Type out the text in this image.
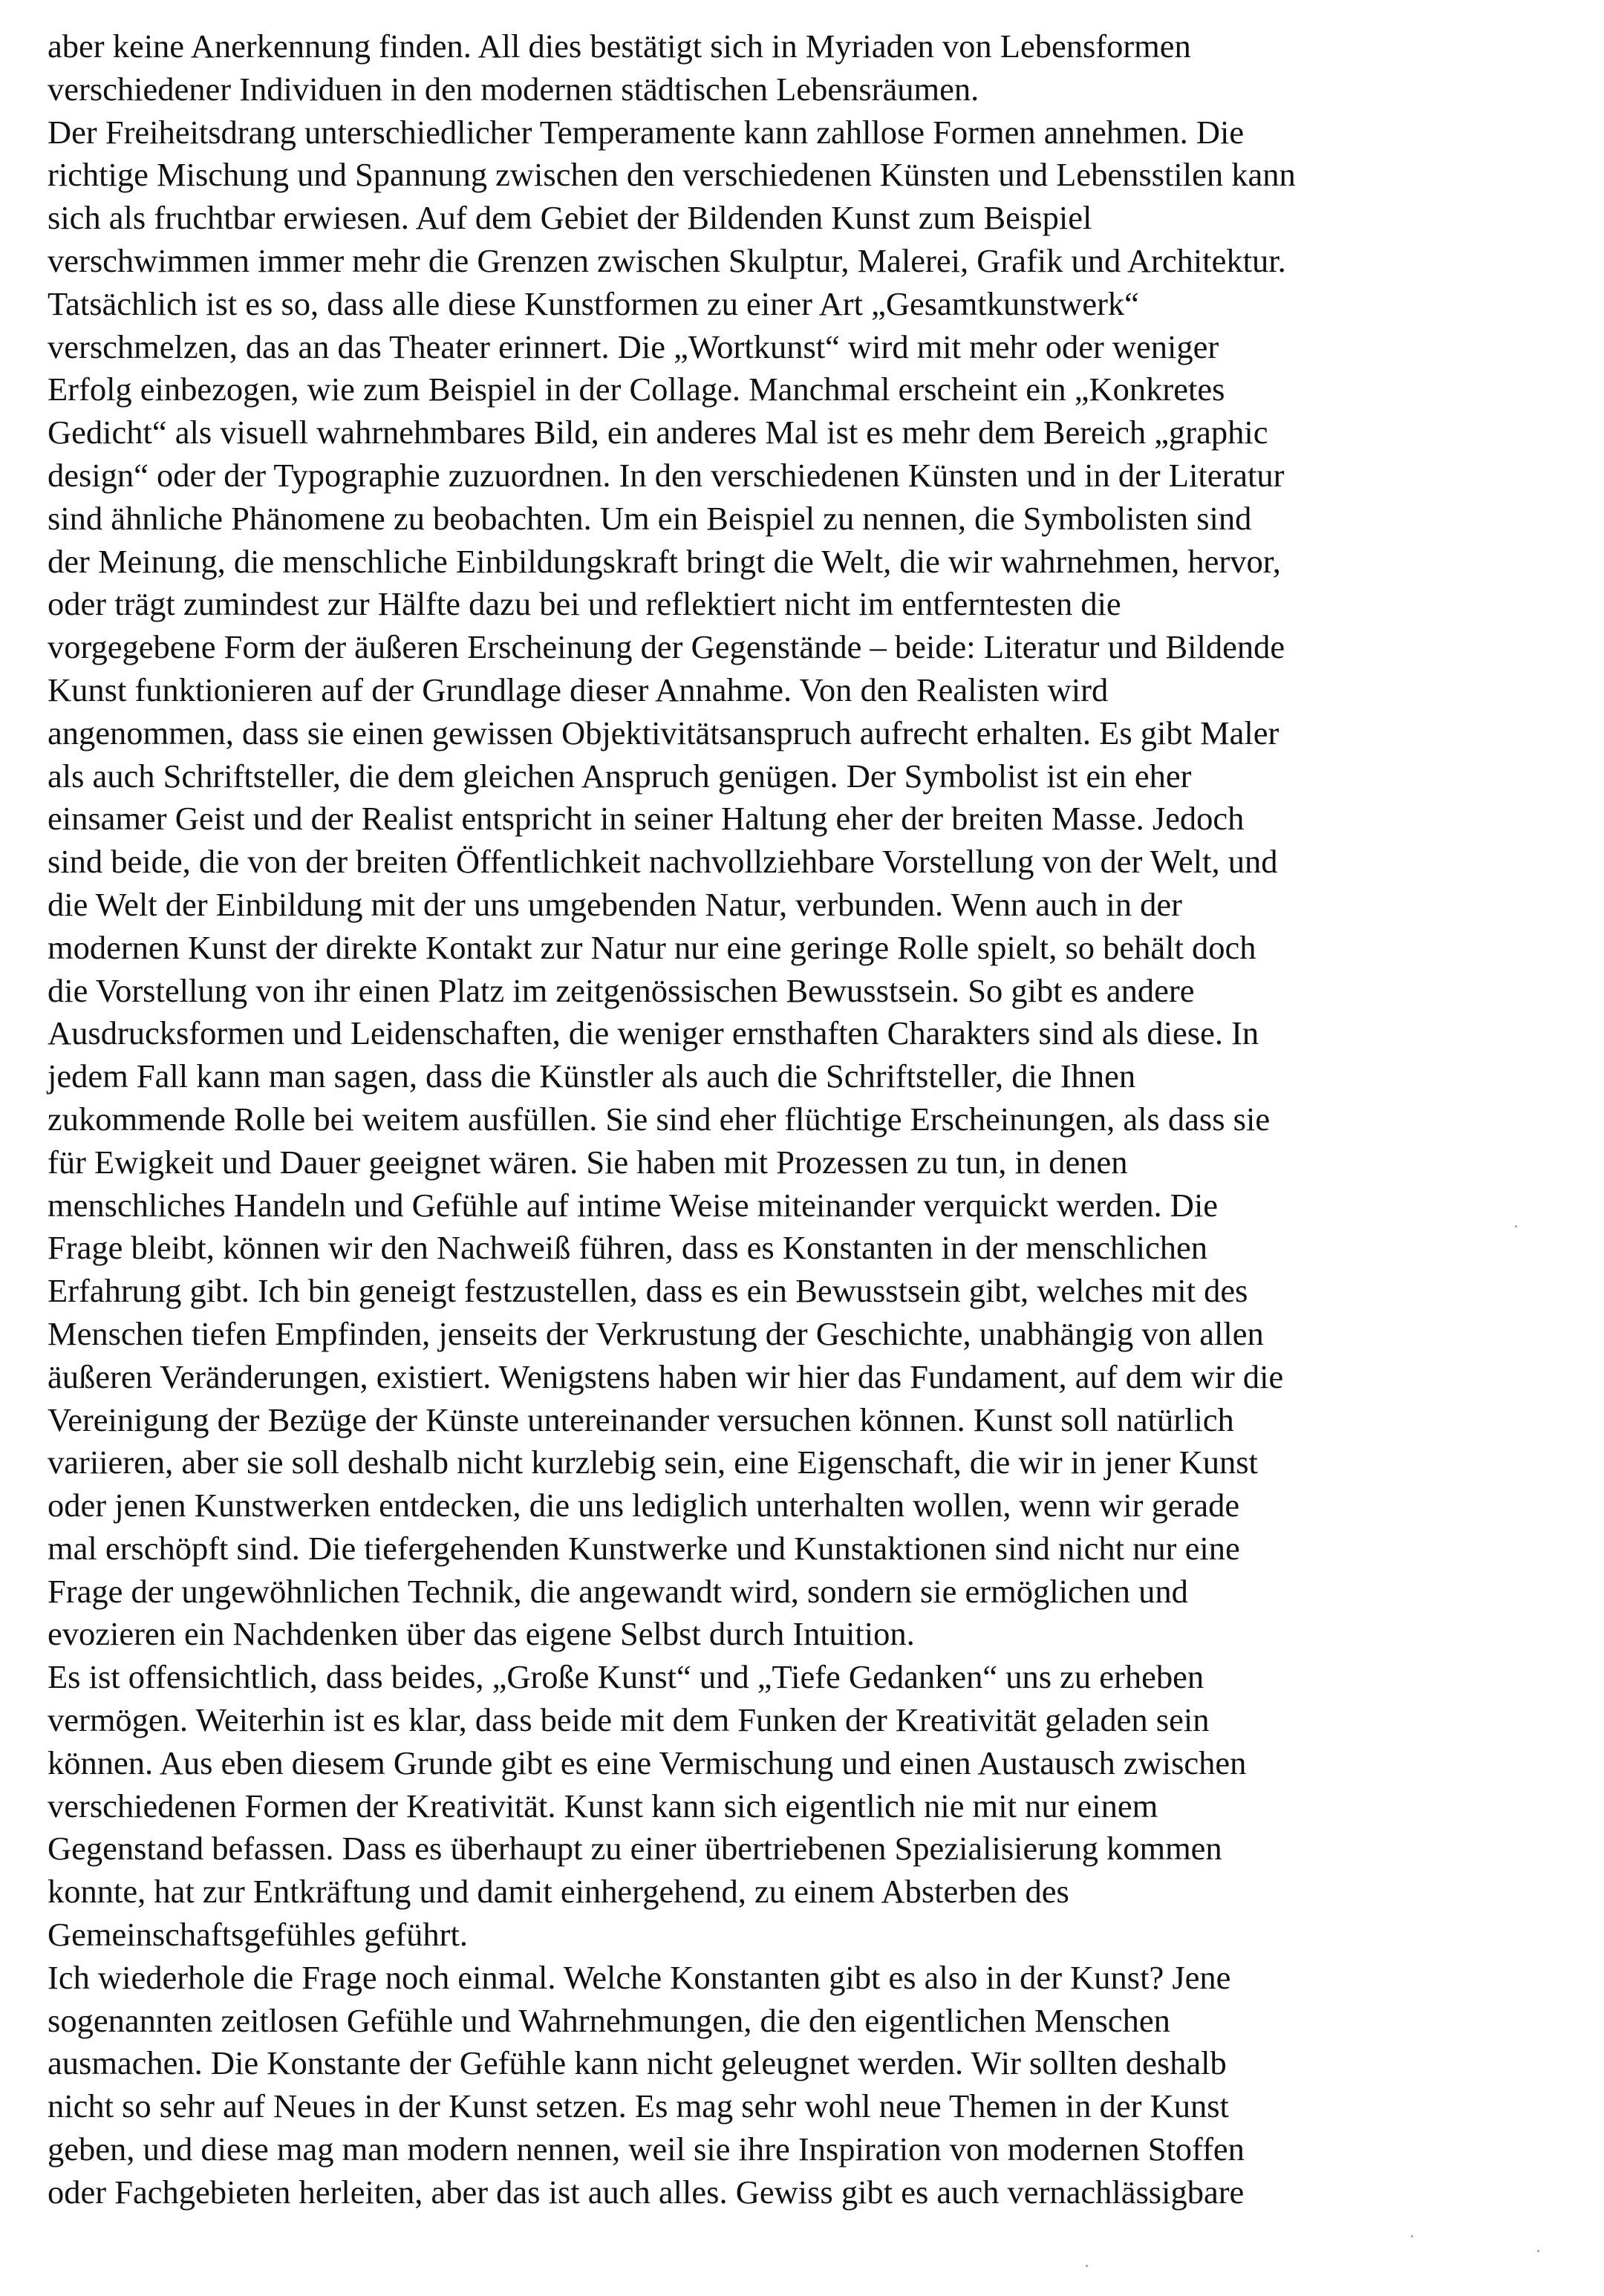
aber keine Anerkennung finden. All dies bestätigt sich in Myriaden von Lebensformen
verschiedener Individuen in den modernen städtischen Lebensräumen.
Der Freiheitsdrang unterschiedlicher Temperamente kann zahllose Formen annehmen. Die
richtige Mischung und Spannung zwischen den verschiedenen Künsten und Lebensstilen kann
sich als fruchtbar erwiesen. Auf dem Gebiet der Bildenden Kunst zum Beispiel
verschwimmen immer mehr die Grenzen zwischen Skulptur, Malerei, Grafik und Architektur.
Tatsächlich ist es so, dass alle diese Kunstformen zu einer Art „Gesamtkunstwerk“
verschmelzen, das an das Theater erinnert. Die „Wortkunst“ wird mit mehr oder weniger
Erfolg einbezogen, wie zum Beispiel in der Collage. Manchmal erscheint ein „Konkretes
Gedicht“ als visuell wahrnehmbares Bild, ein anderes Mal ist es mehr dem Bereich „graphic
design“ oder der Typographie zuzuordnen. In den verschiedenen Künsten und in der Literatur
sind ähnliche Phänomene zu beobachten. Um ein Beispiel zu nennen, die Symbolisten sind
der Meinung, die menschliche Einbildungskraft bringt die Welt, die wir wahrnehmen, hervor,
oder trägt zumindest zur Hälfte dazu bei und reflektiert nicht im entferntesten die
vorgegebene Form der äußeren Erscheinung der Gegenstände – beide: Literatur und Bildende
Kunst funktionieren auf der Grundlage dieser Annahme. Von den Realisten wird
angenommen, dass sie einen gewissen Objektivitätsanspruch aufrecht erhalten. Es gibt Maler
als auch Schriftsteller, die dem gleichen Anspruch genügen. Der Symbolist ist ein eher
einsamer Geist und der Realist entspricht in seiner Haltung eher der breiten Masse. Jedoch
sind beide, die von der breiten Öffentlichkeit nachvollziehbare Vorstellung von der Welt, und
die Welt der Einbildung mit der uns umgebenden Natur, verbunden. Wenn auch in der
modernen Kunst der direkte Kontakt zur Natur nur eine geringe Rolle spielt, so behält doch
die Vorstellung von ihr einen Platz im zeitgenössischen Bewusstsein. So gibt es andere
Ausdrucksformen und Leidenschaften, die weniger ernsthaften Charakters sind als diese. In
jedem Fall kann man sagen, dass die Künstler als auch die Schriftsteller, die Ihnen
zukommende Rolle bei weitem ausfüllen. Sie sind eher flüchtige Erscheinungen, als dass sie
für Ewigkeit und Dauer geeignet wären. Sie haben mit Prozessen zu tun, in denen
menschliches Handeln und Gefühle auf intime Weise miteinander verquickt werden. Die
Frage bleibt, können wir den Nachweiß führen, dass es Konstanten in der menschlichen
Erfahrung gibt. Ich bin geneigt festzustellen, dass es ein Bewusstsein gibt, welches mit des
Menschen tiefen Empfinden, jenseits der Verkrustung der Geschichte, unabhängig von allen
äußeren Veränderungen, existiert. Wenigstens haben wir hier das Fundament, auf dem wir die
Vereinigung der Bezüge der Künste untereinander versuchen können. Kunst soll natürlich
variieren, aber sie soll deshalb nicht kurzlebig sein, eine Eigenschaft, die wir in jener Kunst
oder jenen Kunstwerken entdecken, die uns lediglich unterhalten wollen, wenn wir gerade
mal erschöpft sind. Die tiefergehenden Kunstwerke und Kunstaktionen sind nicht nur eine
Frage der ungewöhnlichen Technik, die angewandt wird, sondern sie ermöglichen und
evozieren ein Nachdenken über das eigene Selbst durch Intuition.
Es ist offensichtlich, dass beides, „Große Kunst“ und „Tiefe Gedanken“ uns zu erheben
vermögen. Weiterhin ist es klar, dass beide mit dem Funken der Kreativität geladen sein
können. Aus eben diesem Grunde gibt es eine Vermischung und einen Austausch zwischen
verschiedenen Formen der Kreativität. Kunst kann sich eigentlich nie mit nur einem
Gegenstand befassen. Dass es überhaupt zu einer übertriebenen Spezialisierung kommen
konnte, hat zur Entkräftung und damit einhergehend, zu einem Absterben des
Gemeinschaftsgefühles geführt.
Ich wiederhole die Frage noch einmal. Welche Konstanten gibt es also in der Kunst? Jene
sogenannten zeitlosen Gefühle und Wahrnehmungen, die den eigentlichen Menschen
ausmachen. Die Konstante der Gefühle kann nicht geleugnet werden. Wir sollten deshalb
nicht so sehr auf Neues in der Kunst setzen. Es mag sehr wohl neue Themen in der Kunst
geben, und diese mag man modern nennen, weil sie ihre Inspiration von modernen Stoffen
oder Fachgebieten herleiten, aber das ist auch alles. Gewiss gibt es auch vernachlässigbare
